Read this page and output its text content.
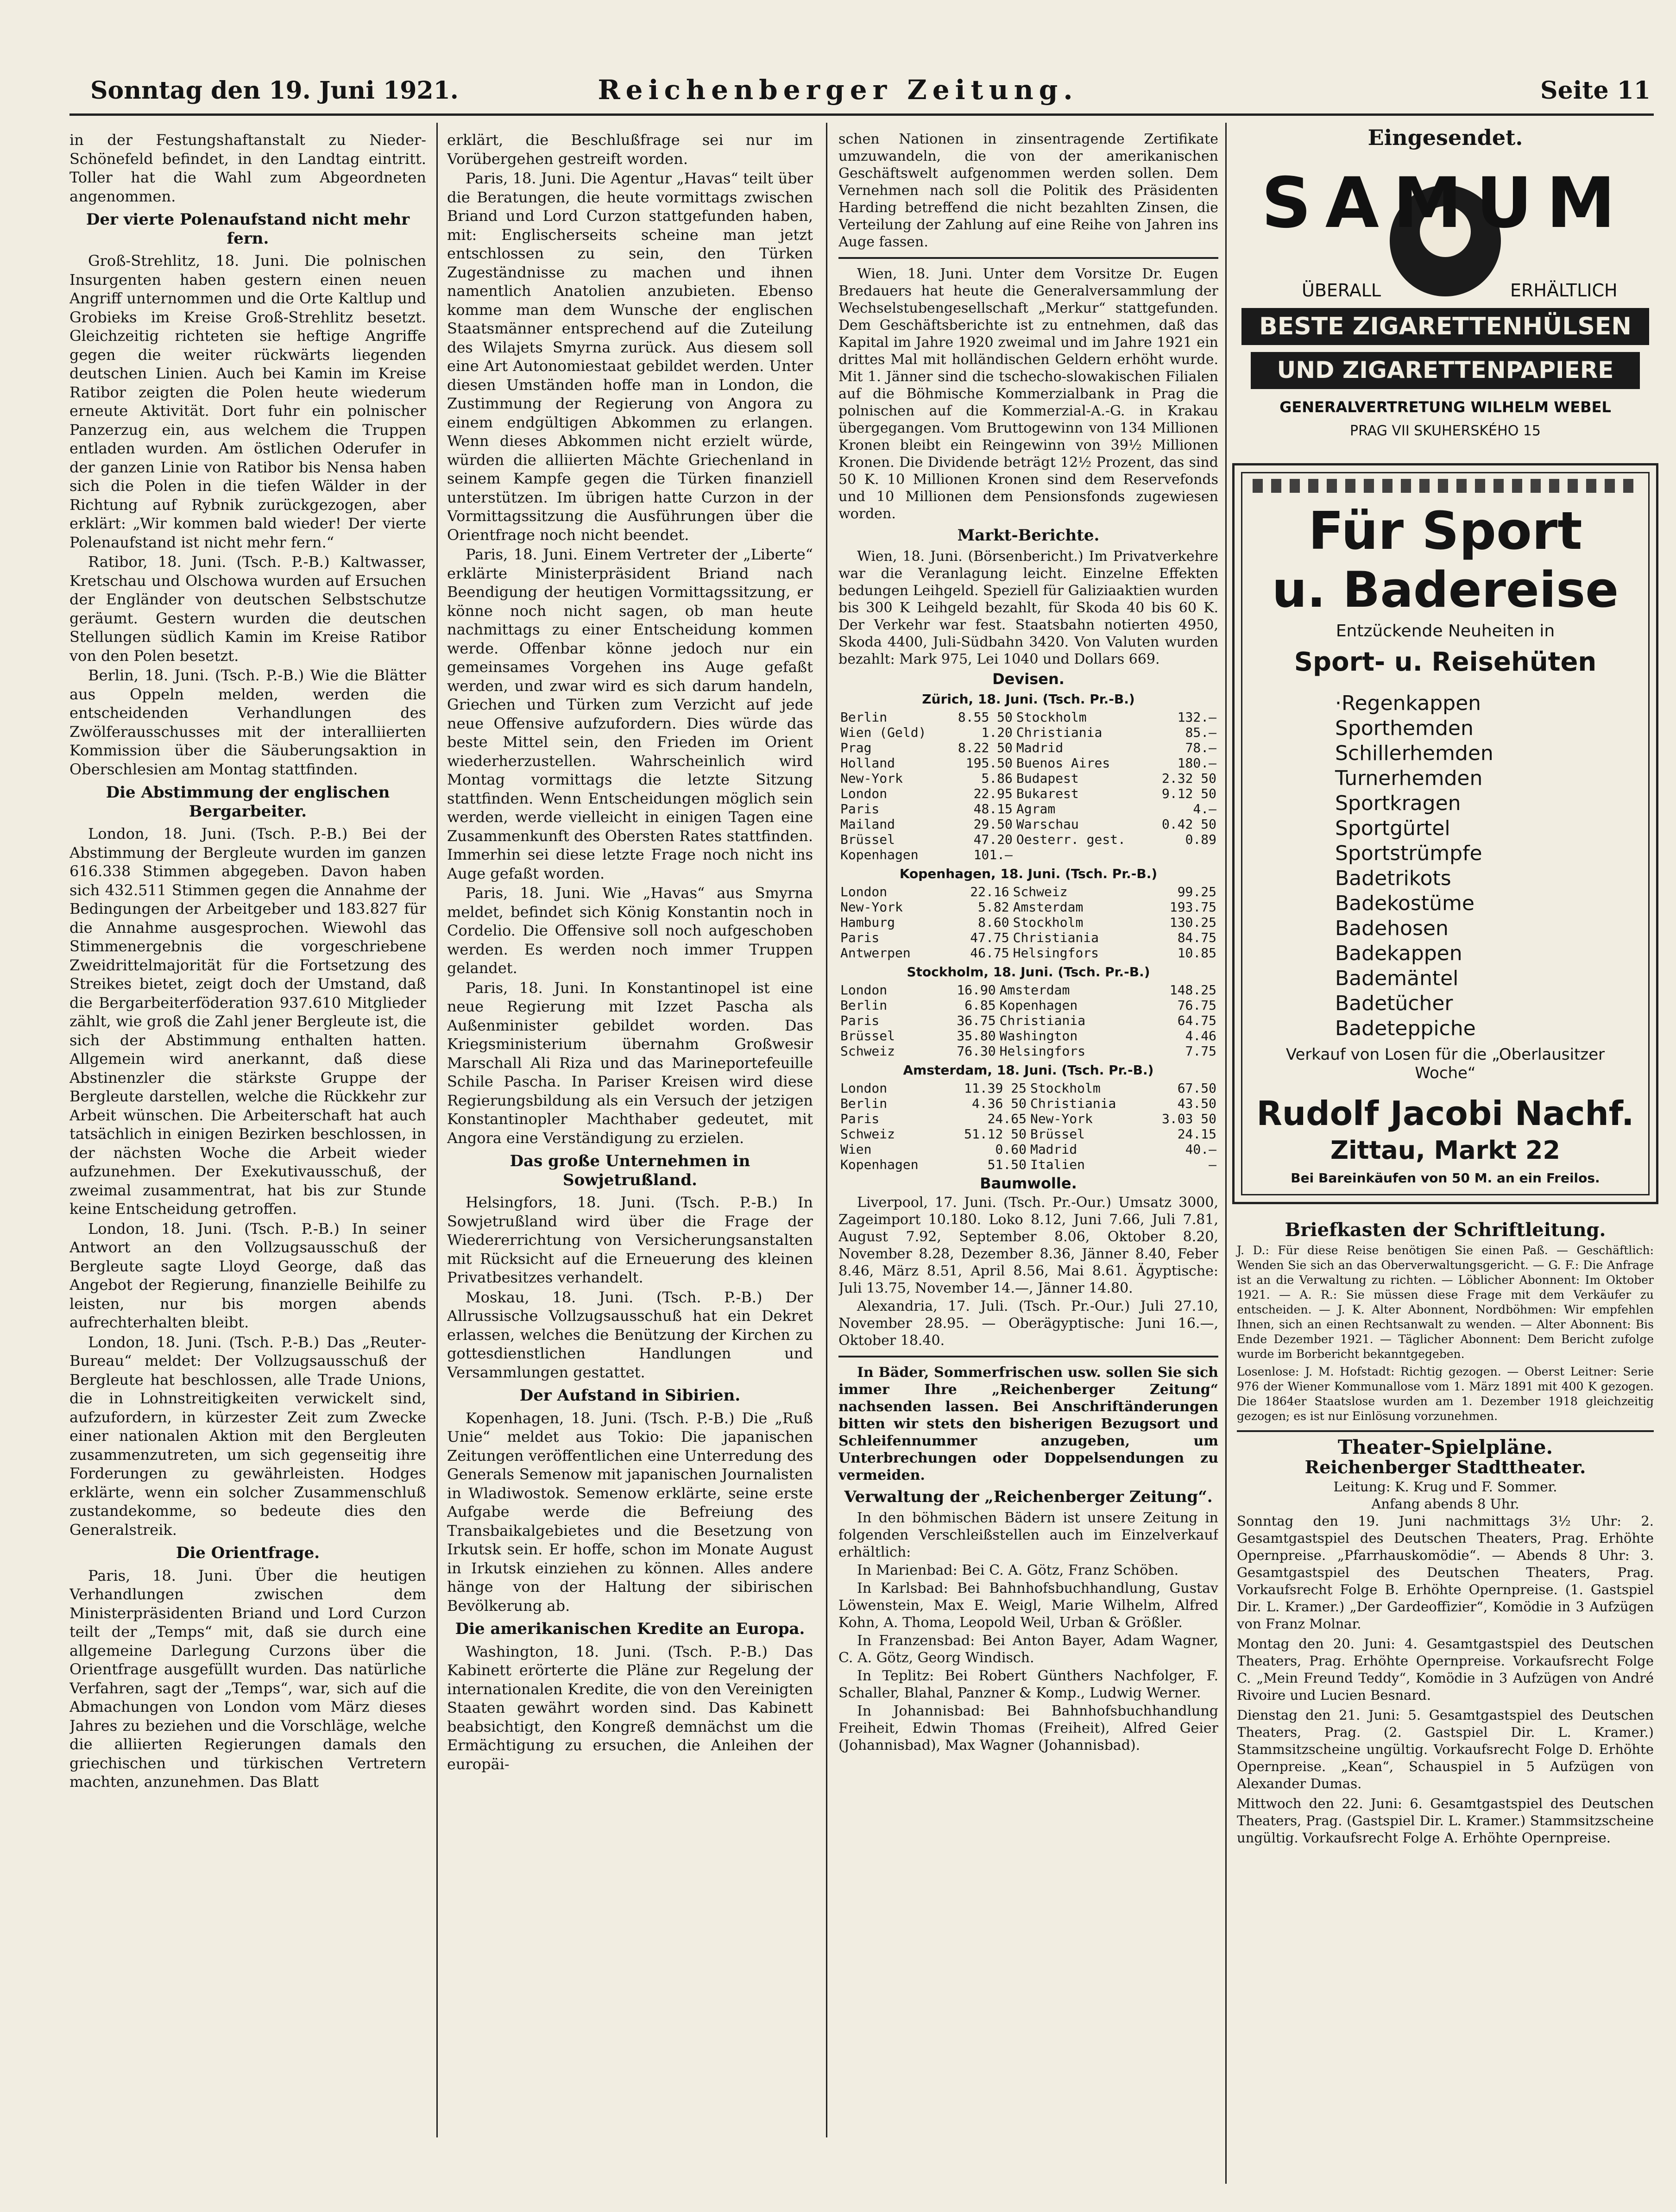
Sonntag den 19. Juni 1921.	Reichenberger Zeitung.	Seite 11

in der Festungshaftanstalt zu Nieder-Schönefeld befindet, in den Landtag eintritt. Toller hat die Wahl zum Abgeordneten angenommen.

Der vierte Polenaufstand nicht mehr fern.

Groß-Strehlitz, 18. Juni. Die polnischen Insurgenten haben gestern einen neuen Angriff unternommen und die Orte Kaltlup und Grobieks im Kreise Groß-Strehlitz besetzt. Gleichzeitig richteten sie heftige Angriffe gegen die weiter rückwärts liegenden deutschen Linien. Auch bei Kamin im Kreise Ratibor zeigten die Polen heute wiederum erneute Aktivität. Dort fuhr ein polnischer Panzerzug ein, aus welchem die Truppen entladen wurden. Am östlichen Oderufer in der ganzen Linie von Ratibor bis Nensa haben sich die Polen in die tiefen Wälder in der Richtung auf Rybnik zurückgezogen, aber erklärt: „Wir kommen bald wieder! Der vierte Polenaufstand ist nicht mehr fern.“

Ratibor, 18. Juni. (Tsch. P.-B.) Kaltwasser, Kretschau und Olschowa wurden auf Ersuchen der Engländer von deutschen Selbstschutze geräumt. Gestern wurden die deutschen Stellungen südlich Kamin im Kreise Ratibor von den Polen besetzt.

Berlin, 18. Juni. (Tsch. P.-B.) Wie die Blätter aus Oppeln melden, werden die entscheidenden Verhandlungen des Zwölferausschusses mit der interalliierten Kommission über die Säuberungsaktion in Oberschlesien am Montag stattfinden.

Die Abstimmung der englischen Bergarbeiter.

London, 18. Juni. (Tsch. P.-B.) Bei der Abstimmung der Bergleute wurden im ganzen 616.338 Stimmen abgegeben. Davon haben sich 432.511 Stimmen gegen die Annahme der Bedingungen der Arbeitgeber und 183.827 für die Annahme ausgesprochen. Wiewohl das Stimmenergebnis die vorgeschriebene Zweidrittelmajorität für die Fortsetzung des Streikes bietet, zeigt doch der Umstand, daß die Bergarbeiterföderation 937.610 Mitglieder zählt, wie groß die Zahl jener Bergleute ist, die sich der Abstimmung enthalten hatten. Allgemein wird anerkannt, daß diese Abstinenzler die stärkste Gruppe der Bergleute darstellen, welche die Rückkehr zur Arbeit wünschen. Die Arbeiterschaft hat auch tatsächlich in einigen Bezirken beschlossen, in der nächsten Woche die Arbeit wieder aufzunehmen. Der Exekutivausschuß, der zweimal zusammentrat, hat bis zur Stunde keine Entscheidung getroffen.

London, 18. Juni. (Tsch. P.-B.) In seiner Antwort an den Vollzugsausschuß der Bergleute sagte Lloyd George, daß das Angebot der Regierung, finanzielle Beihilfe zu leisten, nur bis morgen abends aufrechterhalten bleibt.

London, 18. Juni. (Tsch. P.-B.) Das „Reuter-Bureau“ meldet: Der Vollzugsausschuß der Bergleute hat beschlossen, alle Trade Unions, die in Lohnstreitigkeiten verwickelt sind, aufzufordern, in kürzester Zeit zum Zwecke einer nationalen Aktion mit den Bergleuten zusammenzutreten, um sich gegenseitig ihre Forderungen zu gewährleisten. Hodges erklärte, wenn ein solcher Zusammenschluß zustandekomme, so bedeute dies den Generalstreik.

Die Orientfrage.

Paris, 18. Juni. Über die heutigen Verhandlungen zwischen dem Ministerpräsidenten Briand und Lord Curzon teilt der „Temps“ mit, daß sie durch eine allgemeine Darlegung Curzons über die Orientfrage ausgefüllt wurden. Das natürliche Verfahren, sagt der „Temps“, war, sich auf die Abmachungen von London vom März dieses Jahres zu beziehen und die Vorschläge, welche die alliierten Regierungen damals den griechischen und türkischen Vertretern machten, anzunehmen. Das Blatt

erklärt, die Beschlußfrage sei nur im Vorübergehen gestreift worden.

Paris, 18. Juni. Die Agentur „Havas“ teilt über die Beratungen, die heute vormittags zwischen Briand und Lord Curzon stattgefunden haben, mit: Englischerseits scheine man jetzt entschlossen zu sein, den Türken Zugeständnisse zu machen und ihnen namentlich Anatolien anzubieten. Ebenso komme man dem Wunsche der englischen Staatsmänner entsprechend auf die Zuteilung des Wilajets Smyrna zurück. Aus diesem soll eine Art Autonomiestaat gebildet werden. Unter diesen Umständen hoffe man in London, die Zustimmung der Regierung von Angora zu einem endgültigen Abkommen zu erlangen. Wenn dieses Abkommen nicht erzielt würde, würden die alliierten Mächte Griechenland in seinem Kampfe gegen die Türken finanziell unterstützen. Im übrigen hatte Curzon in der Vormittagssitzung die Ausführungen über die Orientfrage noch nicht beendet.

Paris, 18. Juni. Einem Vertreter der „Liberte“ erklärte Ministerpräsident Briand nach Beendigung der heutigen Vormittagssitzung, er könne noch nicht sagen, ob man heute nachmittags zu einer Entscheidung kommen werde. Offenbar könne jedoch nur ein gemeinsames Vorgehen ins Auge gefaßt werden, und zwar wird es sich darum handeln, Griechen und Türken zum Verzicht auf jede neue Offensive aufzufordern. Dies würde das beste Mittel sein, den Frieden im Orient wiederherzustellen. Wahrscheinlich wird Montag vormittags die letzte Sitzung stattfinden. Wenn Entscheidungen möglich sein werden, werde vielleicht in einigen Tagen eine Zusammenkunft des Obersten Rates stattfinden. Immerhin sei diese letzte Frage noch nicht ins Auge gefaßt worden.

Paris, 18. Juni. Wie „Havas“ aus Smyrna meldet, befindet sich König Konstantin noch in Cordelio. Die Offensive soll noch aufgeschoben werden. Es werden noch immer Truppen gelandet.

Paris, 18. Juni. In Konstantinopel ist eine neue Regierung mit Izzet Pascha als Außenminister gebildet worden. Das Kriegsministerium übernahm Großwesir Marschall Ali Riza und das Marineportefeuille Schile Pascha. In Pariser Kreisen wird diese Regierungsbildung als ein Versuch der jetzigen Konstantinopler Machthaber gedeutet, mit Angora eine Verständigung zu erzielen.

Das große Unternehmen in Sowjetrußland.

Helsingfors, 18. Juni. (Tsch. P.-B.) In Sowjetrußland wird über die Frage der Wiedererrichtung von Versicherungsanstalten mit Rücksicht auf die Erneuerung des kleinen Privatbesitzes verhandelt.

Moskau, 18. Juni. (Tsch. P.-B.) Der Allrussische Vollzugsausschuß hat ein Dekret erlassen, welches die Benützung der Kirchen zu gottesdienstlichen Handlungen und Versammlungen gestattet.

Der Aufstand in Sibirien.

Kopenhagen, 18. Juni. (Tsch. P.-B.) Die „Ruß Unie“ meldet aus Tokio: Die japanischen Zeitungen veröffentlichen eine Unterredung des Generals Semenow mit japanischen Journalisten in Wladiwostok. Semenow erklärte, seine erste Aufgabe werde die Befreiung des Transbaikalgebietes und die Besetzung von Irkutsk sein. Er hoffe, schon im Monate August in Irkutsk einziehen zu können. Alles andere hänge von der Haltung der sibirischen Bevölkerung ab.

Die amerikanischen Kredite an Europa.

Washington, 18. Juni. (Tsch. P.-B.) Das Kabinett erörterte die Pläne zur Regelung der internationalen Kredite, die von den Vereinigten Staaten gewährt worden sind. Das Kabinett beabsichtigt, den Kongreß demnächst um die Ermächtigung zu ersuchen, die Anleihen der europäi-

schen Nationen in zinsentragende Zertifikate umzuwandeln, die von der amerikanischen Geschäftswelt aufgenommen werden sollen. Dem Vernehmen nach soll die Politik des Präsidenten Harding betreffend die nicht bezahlten Zinsen, die Verteilung der Zahlung auf eine Reihe von Jahren ins Auge fassen.

Wien, 18. Juni. Unter dem Vorsitze Dr. Eugen Bredauers hat heute die Generalversammlung der Wechselstubengesellschaft „Merkur“ stattgefunden. Dem Geschäftsberichte ist zu entnehmen, daß das Kapital im Jahre 1920 zweimal und im Jahre 1921 ein drittes Mal mit holländischen Geldern erhöht wurde. Mit 1. Jänner sind die tschecho-slowakischen Filialen auf die Böhmische Kommerzialbank in Prag die polnischen auf die Kommerzial-A.-G. in Krakau übergegangen. Vom Bruttogewinn von 134 Millionen Kronen bleibt ein Reingewinn von 39½ Millionen Kronen. Die Dividende beträgt 12½ Prozent, das sind 50 K. 10 Millionen Kronen sind dem Reservefonds und 10 Millionen dem Pensionsfonds zugewiesen worden.

Markt-Berichte.

Wien, 18. Juni. (Börsenbericht.) Im Privatverkehre war die Veranlagung leicht. Einzelne Effekten bedungen Leihgeld. Speziell für Galiziaaktien wurden bis 300 K Leihgeld bezahlt, für Skoda 40 bis 60 K. Der Verkehr war fest. Staatsbahn notierten 4950, Skoda 4400, Juli-Südbahn 3420. Von Valuten wurden bezahlt: Mark 975, Lei 1040 und Dollars 669.

Devisen.
Zürich, 18. Juni. (Tsch. Pr.-B.)
Berlin	8.55 50	Stockholm	132.—
Wien (Geld)	1.20	Christiania	85.—
Prag	8.22 50	Madrid	78.—
Holland	195.50	Buenos Aires	180.—
New-York	5.86	Budapest	2.32 50
London	22.95	Bukarest	9.12 50
Paris	48.15	Agram	4.—
Mailand	29.50	Warschau	0.42 50
Brüssel	47.20	Oesterr. gest.	0.89
Kopenhagen	101.—		
Kopenhagen, 18. Juni. (Tsch. Pr.-B.)
London	22.16	Schweiz	99.25
New-York	5.82	Amsterdam	193.75
Hamburg	8.60	Stockholm	130.25
Paris	47.75	Christiania	84.75
Antwerpen	46.75	Helsingfors	10.85
Stockholm, 18. Juni. (Tsch. Pr.-B.)
London	16.90	Amsterdam	148.25
Berlin	6.85	Kopenhagen	76.75
Paris	36.75	Christiania	64.75
Brüssel	35.80	Washington	4.46
Schweiz	76.30	Helsingfors	7.75
Amsterdam, 18. Juni. (Tsch. Pr.-B.)
London	11.39 25	Stockholm	67.50
Berlin	4.36 50	Christiania	43.50
Paris	24.65	New-York	3.03 50
Schweiz	51.12 50	Brüssel	24.15
Wien	0.60	Madrid	40.—
Kopenhagen	51.50	Italien	—
Baumwolle.

Liverpool, 17. Juni. (Tsch. Pr.-Our.) Umsatz 3000, Zageimport 10.180. Loko 8.12, Juni 7.66, Juli 7.81, August 7.92, September 8.06, Oktober 8.20, November 8.28, Dezember 8.36, Jänner 8.40, Feber 8.46, März 8.51, April 8.56, Mai 8.61. Ägyptische: Juli 13.75, November 14.—, Jänner 14.80.

Alexandria, 17. Juli. (Tsch. Pr.-Our.) Juli 27.10, November 28.95. — Oberägyptische: Juni 16.—, Oktober 18.40.

In Bäder, Sommerfrischen usw. sollen Sie sich immer Ihre „Reichenberger Zeitung“ nachsenden lassen. Bei Anschriftänderungen bitten wir stets den bisherigen Bezugsort und Schleifennummer anzugeben, um Unterbrechungen oder Doppelsendungen zu vermeiden.

Verwaltung der „Reichenberger Zeitung“.

In den böhmischen Bädern ist unsere Zeitung in folgenden Verschleißstellen auch im Einzelverkauf erhältlich:

In Marienbad: Bei C. A. Götz, Franz Schöben.

In Karlsbad: Bei Bahnhofsbuchhandlung, Gustav Löwenstein, Max E. Weigl, Marie Wilhelm, Alfred Kohn, A. Thoma, Leopold Weil, Urban & Größler.

In Franzensbad: Bei Anton Bayer, Adam Wagner, C. A. Götz, Georg Windisch.

In Teplitz: Bei Robert Günthers Nachfolger, F. Schaller, Blahal, Panzner & Komp., Ludwig Werner.

In Johannisbad: Bei Bahnhofsbuchhandlung Freiheit, Edwin Thomas (Freiheit), Alfred Geier (Johannisbad), Max Wagner (Johannisbad).

Eingesendet.
SAMUM
ÜBERALL	ERHÄLTLICH
BESTE ZIGARETTENHÜLSEN
UND ZIGARETTENPAPIERE
GENERALVERTRETUNG WILHELM WEBEL
PRAG VII SKUHERSKÉHO 15
Für Sport
u. Badereise
Entzückende Neuheiten in
Sport- u. Reisehüten
·Regenkappen
Sporthemden
Schillerhemden
Turnerhemden
Sportkragen
Sportgürtel
Sportstrümpfe
Badetrikots
Badekostüme
Badehosen
Badekappen
Bademäntel
Badetücher
Badeteppiche
Verkauf von Losen für die „Oberlausitzer Woche“
Rudolf Jacobi Nachf.
Zittau, Markt 22
Bei Bareinkäufen von 50 M. an ein Freilos.
Briefkasten der Schriftleitung.

J. D.: Für diese Reise benötigen Sie einen Paß. — Geschäftlich: Wenden Sie sich an das Oberverwaltungsgericht. — G. F.: Die Anfrage ist an die Verwaltung zu richten. — Löblicher Abonnent: Im Oktober 1921. — A. R.: Sie müssen diese Frage mit dem Verkäufer zu entscheiden. — J. K. Alter Abonnent, Nordböhmen: Wir empfehlen Ihnen, sich an einen Rechtsanwalt zu wenden. — Alter Abonnent: Bis Ende Dezember 1921. — Täglicher Abonnent: Dem Bericht zufolge wurde im Borbericht bekanntgegeben.

Losenlose: J. M. Hofstadt: Richtig gezogen. — Oberst Leitner: Serie 976 der Wiener Kommunallose vom 1. März 1891 mit 400 K gezogen. Die 1864er Staatslose wurden am 1. Dezember 1918 gleichzeitig gezogen; es ist nur Einlösung vorzunehmen.

Theater-Spielpläne.
Reichenberger Stadttheater.
Leitung: K. Krug und F. Sommer.
Anfang abends 8 Uhr.

Sonntag den 19. Juni nachmittags 3½ Uhr: 2. Gesamtgastspiel des Deutschen Theaters, Prag. Erhöhte Opernpreise. „Pfarrhauskomödie“. — Abends 8 Uhr: 3. Gesamtgastspiel des Deutschen Theaters, Prag. Vorkaufsrecht Folge B. Erhöhte Opernpreise. (1. Gastspiel Dir. L. Kramer.) „Der Gardeoffizier“, Komödie in 3 Aufzügen von Franz Molnar.

Montag den 20. Juni: 4. Gesamtgastspiel des Deutschen Theaters, Prag. Erhöhte Opernpreise. Vorkaufsrecht Folge C. „Mein Freund Teddy“, Komödie in 3 Aufzügen von André Rivoire und Lucien Besnard.

Dienstag den 21. Juni: 5. Gesamtgastspiel des Deutschen Theaters, Prag. (2. Gastspiel Dir. L. Kramer.) Stammsitzscheine ungültig. Vorkaufsrecht Folge D. Erhöhte Opernpreise. „Kean“, Schauspiel in 5 Aufzügen von Alexander Dumas.

Mittwoch den 22. Juni: 6. Gesamtgastspiel des Deutschen Theaters, Prag. (Gastspiel Dir. L. Kramer.) Stammsitzscheine ungültig. Vorkaufsrecht Folge A. Erhöhte Opernpreise.
